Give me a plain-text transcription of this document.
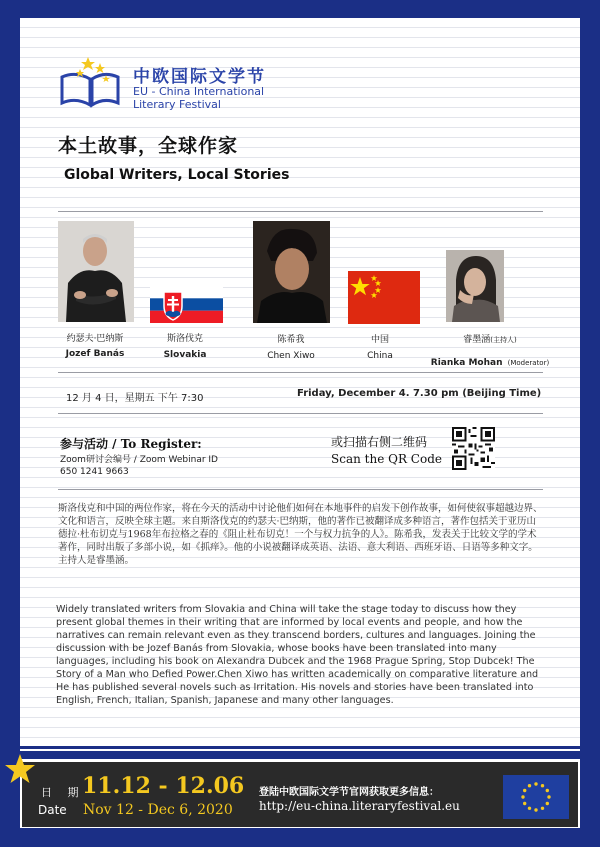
中欧国际文学节
EU - China International
Literary Festival
本土故事，全球作家
Global Writers, Local Stories
约瑟夫·巴纳斯
Jozef Banás
斯洛伐克
Slovakia
陈希我
Chen Xiwo
中国
China
睿墨涵(主持人)
Rianka Mohan (Moderator)
12 月 4 日，星期五 下午 7:30	Friday, December 4. 7.30 pm (Beijing Time)
参与活动 / To Register:
Zoom研讨会编号 / Zoom Webinar ID
650 1241 9663
或扫描右侧二维码
Scan the QR Code
斯洛伐克和中国的两位作家，将在今天的活动中讨论他们如何在本地事件的启发下创作故事，如何使叙事超越边界、文化和语言，反映全球主题。来自斯洛伐克的约瑟夫·巴纳斯，他的著作已被翻译成多种语言，著作包括关于亚历山德拉·杜布切克与1968年布拉格之春的《阻止杜布切克！一个与权力抗争的人》。陈希我，发表关于比较文学的学术著作，同时出版了多部小说，如《抓痒》。他的小说被翻译成英语、法语、意大利语、西班牙语、日语等多种文字。主持人是睿墨涵。
Widely translated writers from Slovakia and China will take the stage today to discuss how they present global themes in their writing that are informed by local events and people, and how the narratives can remain relevant even as they transcend borders, cultures and languages. Joining the discussion with be Jozef Banás from Slovakia, whose books have been translated into many languages, including his book on Alexandra Dubcek and the 1968 Prague Spring, Stop Dubcek! The Story of a Man who Defied Power.Chen Xiwo has written academically on comparative literature and He has published several novels such as Irritation. His novels and stories have been translated into English, French, Italian, Spanish, Japanese and many other languages.
日 期
Date
11.12 - 12.06
Nov 12 - Dec 6, 2020
登陆中欧国际文学节官网获取更多信息：
http://eu-china.literaryfestival.eu
